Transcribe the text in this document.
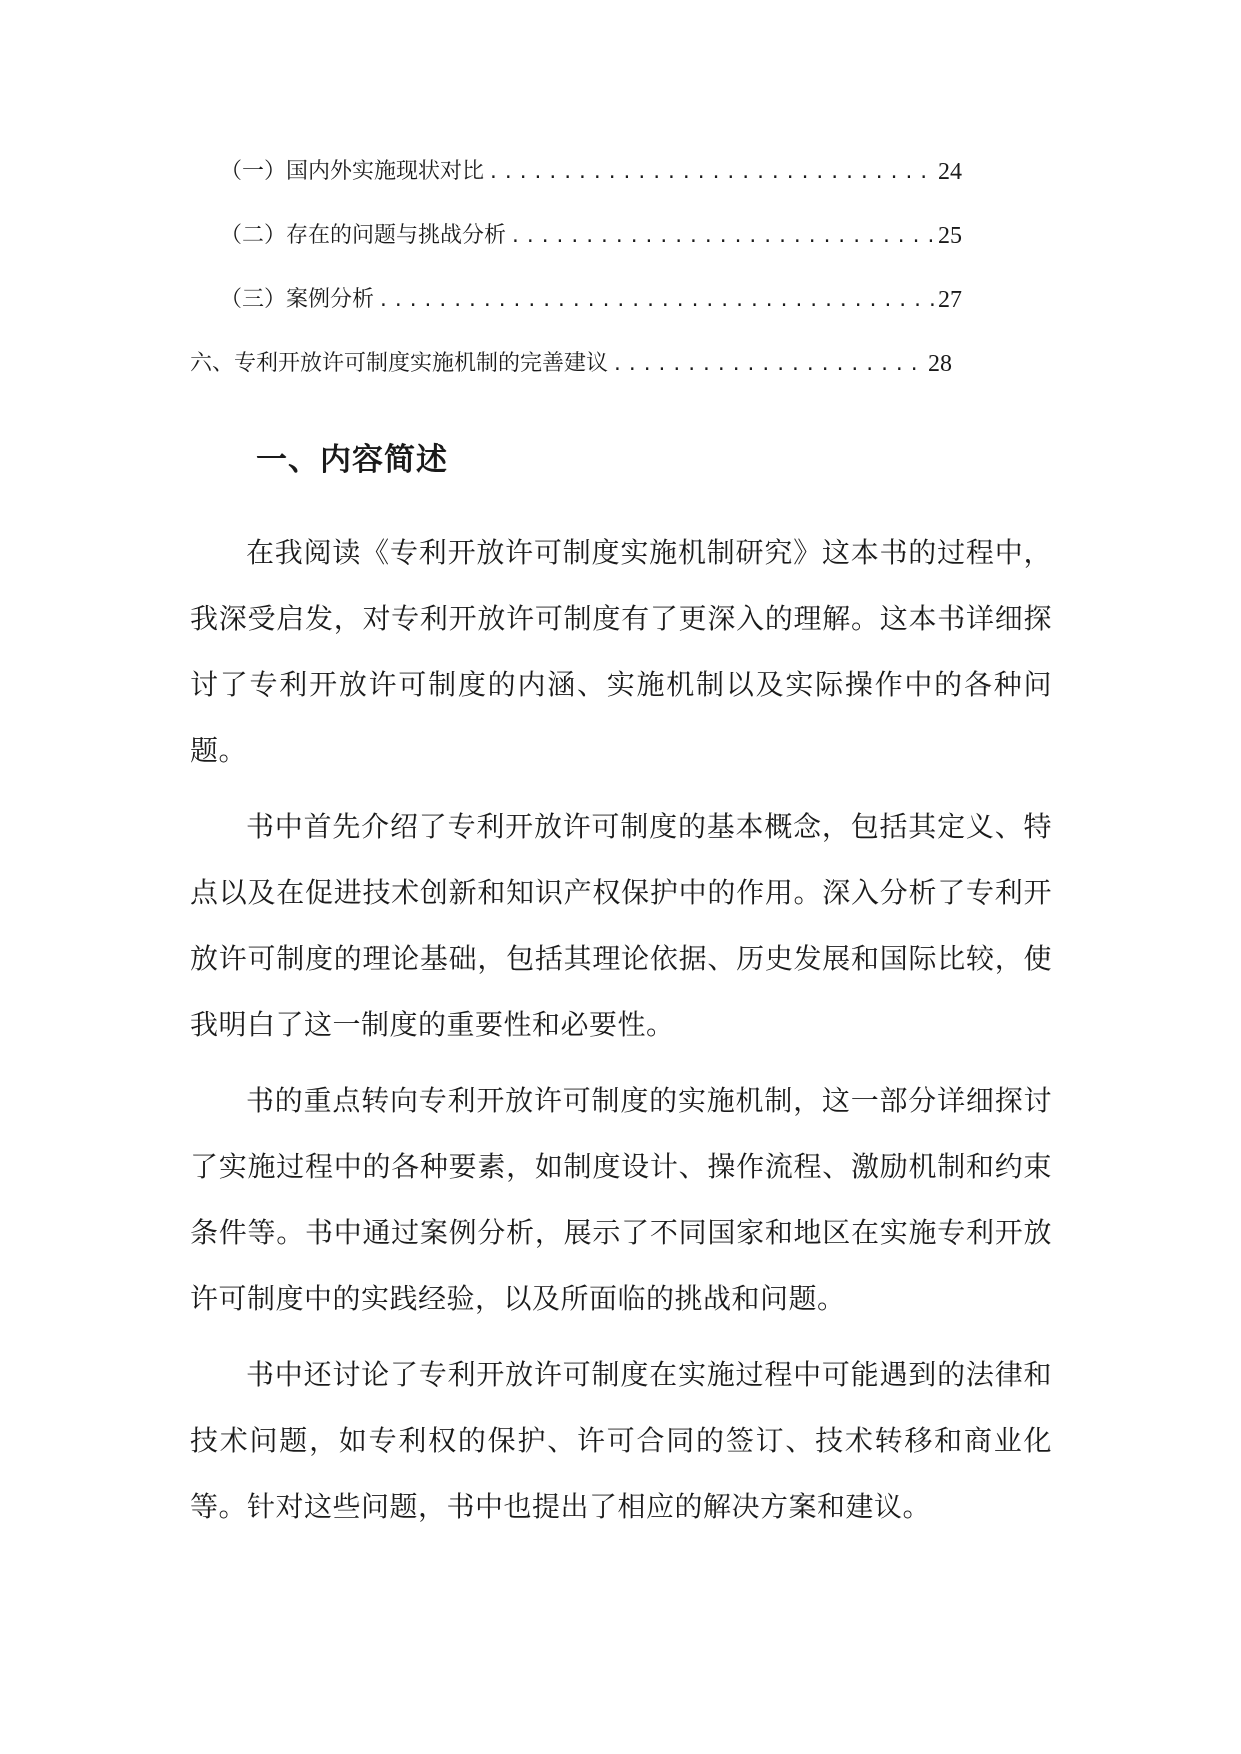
（一）国内外实施现状对比 .....	24
（二）存在的问题与挑战分析 .....	25
（三）案例分析 .....	27
六、专利开放许可制度实施机制的完善建议 .....	28
一、内容简述

在我阅读《专利开放许可制度实施机制研究》这本书的过程中，我深受启发，对专利开放许可制度有了更深入的理解。这本书详细探讨了专利开放许可制度的内涵、实施机制以及实际操作中的各种问题。

书中首先介绍了专利开放许可制度的基本概念，包括其定义、特点以及在促进技术创新和知识产权保护中的作用。深入分析了专利开放许可制度的理论基础，包括其理论依据、历史发展和国际比较，使我明白了这一制度的重要性和必要性。

书的重点转向专利开放许可制度的实施机制，这一部分详细探讨了实施过程中的各种要素，如制度设计、操作流程、激励机制和约束条件等。书中通过案例分析，展示了不同国家和地区在实施专利开放许可制度中的实践经验，以及所面临的挑战和问题。

书中还讨论了专利开放许可制度在实施过程中可能遇到的法律和技术问题，如专利权的保护、许可合同的签订、技术转移和商业化等。针对这些问题，书中也提出了相应的解决方案和建议。
